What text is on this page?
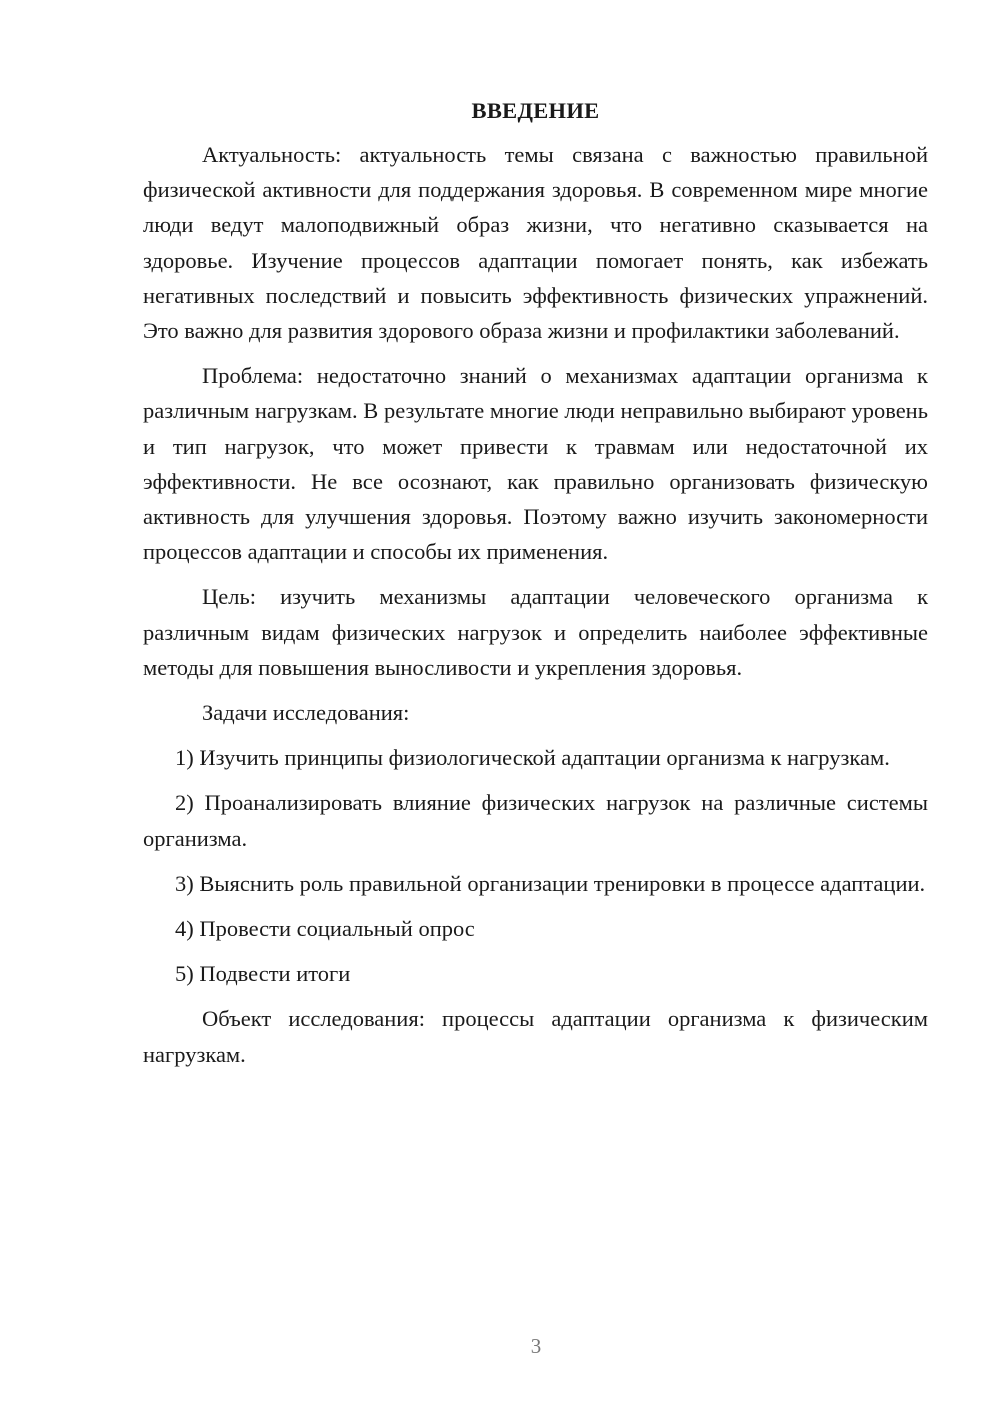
ВВЕДЕНИЕ

Актуальность: актуальность темы связана с важностью правильной физической активности для поддержания здоровья. В современном мире многие люди ведут малоподвижный образ жизни, что негативно сказывается на здоровье. Изучение процессов адаптации помогает понять, как избежать негативных последствий и повысить эффективность физических упражнений. Это важно для развития здорового образа жизни и профилактики заболеваний.

Проблема: недостаточно знаний о механизмах адаптации организма к различным нагрузкам. В результате многие люди неправильно выбирают уровень и тип нагрузок, что может привести к травмам или недостаточной их эффективности. Не все осознают, как правильно организовать физическую активность для улучшения здоровья. Поэтому важно изучить закономерности процессов адаптации и способы их применения.

Цель: изучить механизмы адаптации человеческого организма к различным видам физических нагрузок и определить наиболее эффективные методы для повышения выносливости и укрепления здоровья.

Задачи исследования:

1) Изучить принципы физиологической адаптации организма к нагрузкам.

2) Проанализировать влияние физических нагрузок на различные системы организма.

3) Выяснить роль правильной организации тренировки в процессе адаптации.

4) Провести социальный опрос

5) Подвести итоги

Объект исследования: процессы адаптации организма к физическим нагрузкам.

3
